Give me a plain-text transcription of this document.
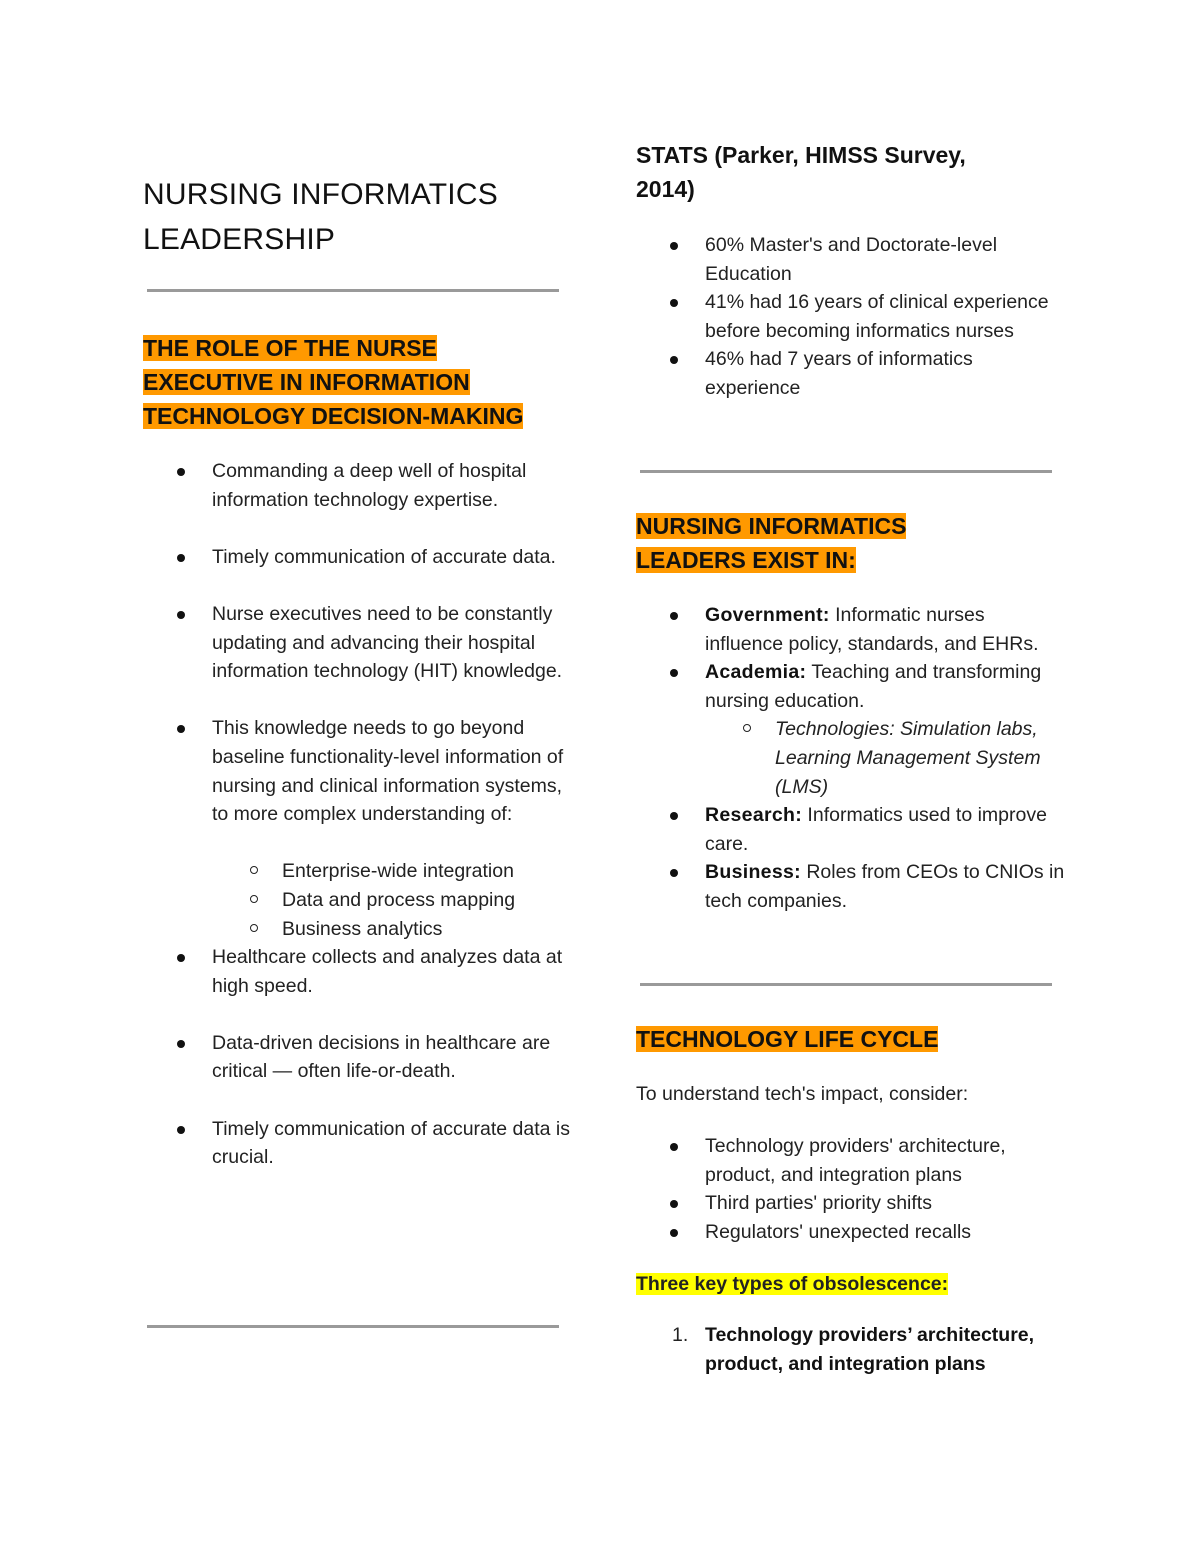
NURSING INFORMATICS
LEADERSHIP
THE ROLE OF THE NURSE
EXECUTIVE IN INFORMATION
TECHNOLOGY DECISION-MAKING
Commanding a deep well of hospital information technology expertise.
Timely communication of accurate data.
Nurse executives need to be constantly updating and advancing their hospital information technology (HIT) knowledge.
This knowledge needs to go beyond baseline functionality-level information of nursing and clinical information systems, to more complex understanding of:
Enterprise-wide integration
Data and process mapping
Business analytics
Healthcare collects and analyzes data at high speed.
Data-driven decisions in healthcare are critical — often life-or-death.
Timely communication of accurate data is crucial.
STATS (Parker, HIMSS Survey,
2014)
60% Master's and Doctorate-level Education
41% had 16 years of clinical experience before becoming informatics nurses
46% had 7 years of informatics experience
NURSING INFORMATICS
LEADERS EXIST IN:
Government: Informatic nurses influence policy, standards, and EHRs.
Academia: Teaching and transforming nursing education.
Technologies: Simulation labs, Learning Management System (LMS)
Research: Informatics used to improve care.
Business: Roles from CEOs to CNIOs in tech companies.
TECHNOLOGY LIFE CYCLE

To understand tech's impact, consider:

Technology providers' architecture, product, and integration plans
Third parties' priority shifts
Regulators' unexpected recalls

Three key types of obsolescence:

1. Technology providers’ architecture, product, and integration plans
